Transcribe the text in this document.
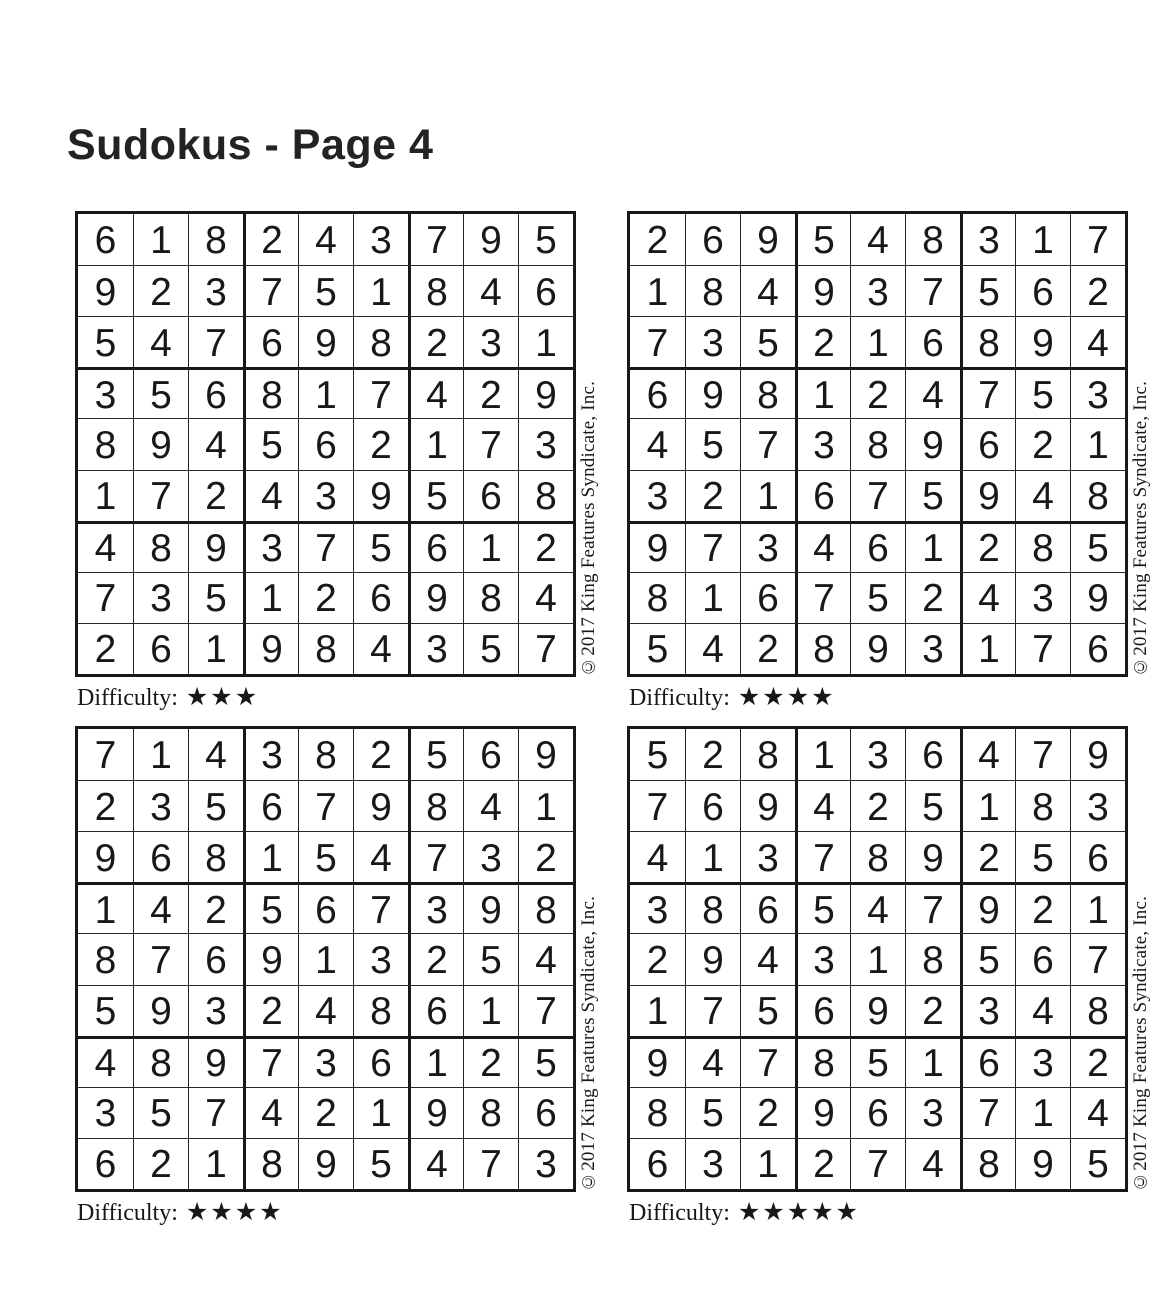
Sudokus - Page 4
6 1 8 2 4 3 7 9 5
9 2 3 7 5 1 8 4 6
5 4 7 6 9 8 2 3 1
3 5 6 8 1 7 4 2 9
8 9 4 5 6 2 1 7 3
1 7 2 4 3 9 5 6 8
4 8 9 3 7 5 6 1 2
7 3 5 1 2 6 9 8 4
2 6 1 9 8 4 3 5 7	©2017 King Features Syndicate, Inc.
Difficulty: ★★★
2 6 9 5 4 8 3 1 7
1 8 4 9 3 7 5 6 2
7 3 5 2 1 6 8 9 4
6 9 8 1 2 4 7 5 3
4 5 7 3 8 9 6 2 1
3 2 1 6 7 5 9 4 8
9 7 3 4 6 1 2 8 5
8 1 6 7 5 2 4 3 9
5 4 2 8 9 3 1 7 6	©2017 King Features Syndicate, Inc.
Difficulty: ★★★★
7 1 4 3 8 2 5 6 9
2 3 5 6 7 9 8 4 1
9 6 8 1 5 4 7 3 2
1 4 2 5 6 7 3 9 8
8 7 6 9 1 3 2 5 4
5 9 3 2 4 8 6 1 7
4 8 9 7 3 6 1 2 5
3 5 7 4 2 1 9 8 6
6 2 1 8 9 5 4 7 3	©2017 King Features Syndicate, Inc.
Difficulty: ★★★★
5 2 8 1 3 6 4 7 9
7 6 9 4 2 5 1 8 3
4 1 3 7 8 9 2 5 6
3 8 6 5 4 7 9 2 1
2 9 4 3 1 8 5 6 7
1 7 5 6 9 2 3 4 8
9 4 7 8 5 1 6 3 2
8 5 2 9 6 3 7 1 4
6 3 1 2 7 4 8 9 5	©2017 King Features Syndicate, Inc.
Difficulty: ★★★★★
